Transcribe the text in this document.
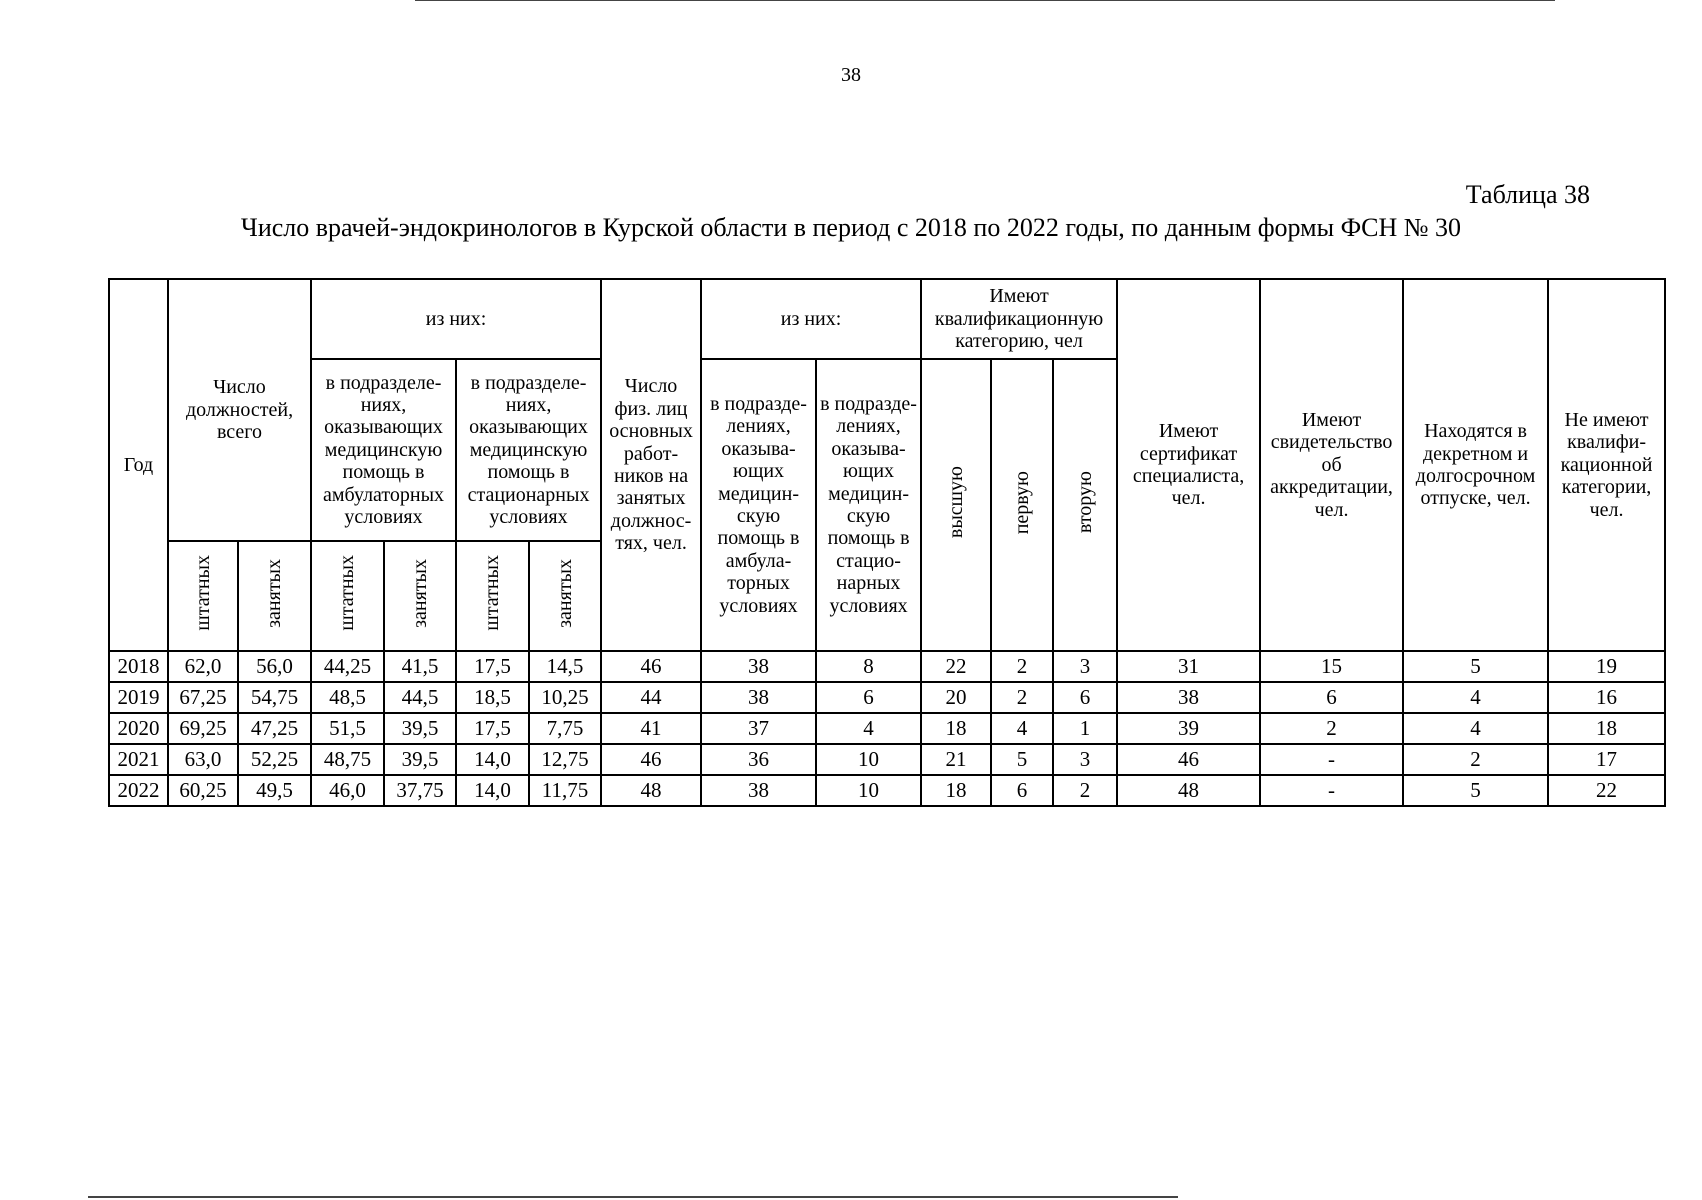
38
Таблица 38
Число врачей-эндокринологов в Курской области в период с 2018 по 2022 годы, по данным формы ФСН № 30
Год	Число должностей, всего		из них:				Число физ. лиц основных работ-ников на занятых должнос-тях, чел.	из них:		Имеют квалификационную категорию, чел			Имеют сертификат специалиста, чел.	Имеют свидетельство об аккредитации, чел.	Находятся в декретном и долгосрочном отпуске, чел.	Не имеют квалифи-кационной категории, чел.
			в подразделе-ниях, оказывающих медицинскую помощь в амбулаторных условиях		в подразделе-ниях, оказывающих медицинскую помощь в стационарных условиях			в подразде-лениях, оказыва-ющих медицин-скую помощь в амбула-торных условиях	в подразде-лениях, оказыва-ющих медицин-скую помощь в стацио-нарных условиях	высшую	первую	вторую				
	штатных	занятых	штатных	занятых	штатных	занятых										
2018	62,0	56,0	44,25	41,5	17,5	14,5	46	38	8	22	2	3	31	15	5	19
2019	67,25	54,75	48,5	44,5	18,5	10,25	44	38	6	20	2	6	38	6	4	16
2020	69,25	47,25	51,5	39,5	17,5	7,75	41	37	4	18	4	1	39	2	4	18
2021	63,0	52,25	48,75	39,5	14,0	12,75	46	36	10	21	5	3	46	-	2	17
2022	60,25	49,5	46,0	37,75	14,0	11,75	48	38	10	18	6	2	48	-	5	22
